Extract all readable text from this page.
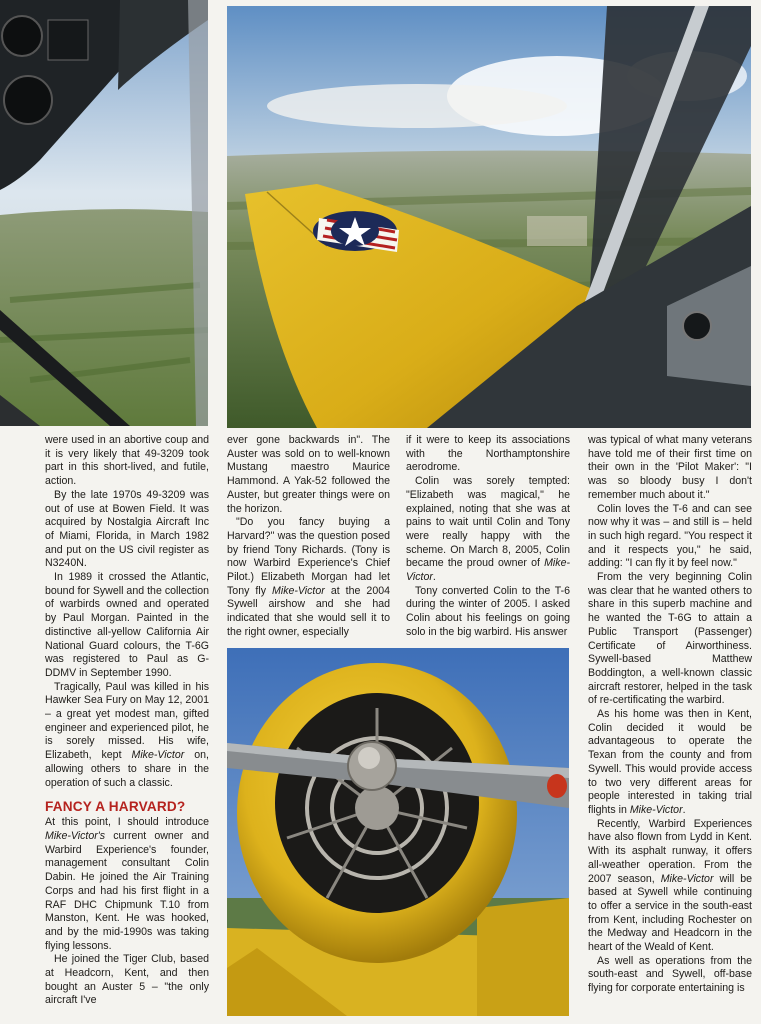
were used in an abortive coup and it is very likely that 49-3209 took part in this short-lived, and futile, action.

By the late 1970s 49-3209 was out of use at Bowen Field. It was acquired by Nostalgia Aircraft Inc of Miami, Florida, in March 1982 and put on the US civil register as N3240N.

In 1989 it crossed the Atlantic, bound for Sywell and the collection of warbirds owned and operated by Paul Morgan. Painted in the distinctive all-yellow California Air National Guard colours, the T-6G was registered to Paul as G-DDMV in September 1990.

Tragically, Paul was killed in his Hawker Sea Fury on May 12, 2001 – a great yet modest man, gifted engineer and experienced pilot, he is sorely missed. His wife, Elizabeth, kept Mike-Victor on, allowing others to share in the operation of such a classic.

FANCY A HARVARD?

At this point, I should introduce Mike-Victor's current owner and Warbird Experience's founder, management consultant Colin Dabin. He joined the Air Training Corps and had his first flight in a RAF DHC Chipmunk T.10 from Manston, Kent. He was hooked, and by the mid-1990s was taking flying lessons.

He joined the Tiger Club, based at Headcorn, Kent, and then bought an Auster 5 – "the only aircraft I've

ever gone backwards in". The Auster was sold on to well-known Mustang maestro Maurice Hammond. A Yak-52 followed the Auster, but greater things were on the horizon.

"Do you fancy buying a Harvard?" was the question posed by friend Tony Richards. (Tony is now Warbird Experience's Chief Pilot.) Elizabeth Morgan had let Tony fly Mike-Victor at the 2004 Sywell airshow and she had indicated that she would sell it to the right owner, especially

if it were to keep its associations with the Northamptonshire aerodrome.

Colin was sorely tempted: "Elizabeth was magical," he explained, noting that she was at pains to wait until Colin and Tony were really happy with the scheme. On March 8, 2005, Colin became the proud owner of Mike-Victor.

Tony converted Colin to the T-6 during the winter of 2005. I asked Colin about his feelings on going solo in the big warbird. His answer

was typical of what many veterans have told me of their first time on their own in the 'Pilot Maker': "I was so bloody busy I don't remember much about it."

Colin loves the T-6 and can see now why it was – and still is – held in such high regard. "You respect it and it respects you," he said, adding: "I can fly it by feel now."

From the very beginning Colin was clear that he wanted others to share in this superb machine and he wanted the T-6G to attain a Public Transport (Passenger) Certificate of Airworthiness. Sywell-based Matthew Boddington, a well-known classic aircraft restorer, helped in the task of re-certificating the warbird.

As his home was then in Kent, Colin decided it would be advantageous to operate the Texan from the county and from Sywell. This would provide access to two very different areas for people interested in taking trial flights in Mike-Victor.

Recently, Warbird Experiences have also flown from Lydd in Kent. With its asphalt runway, it offers all-weather operation. From the 2007 season, Mike-Victor will be based at Sywell while continuing to offer a service in the south-east from Kent, including Rochester on the Medway and Headcorn in the heart of the Weald of Kent.

As well as operations from the south-east and Sywell, off-base flying for corporate entertaining is
